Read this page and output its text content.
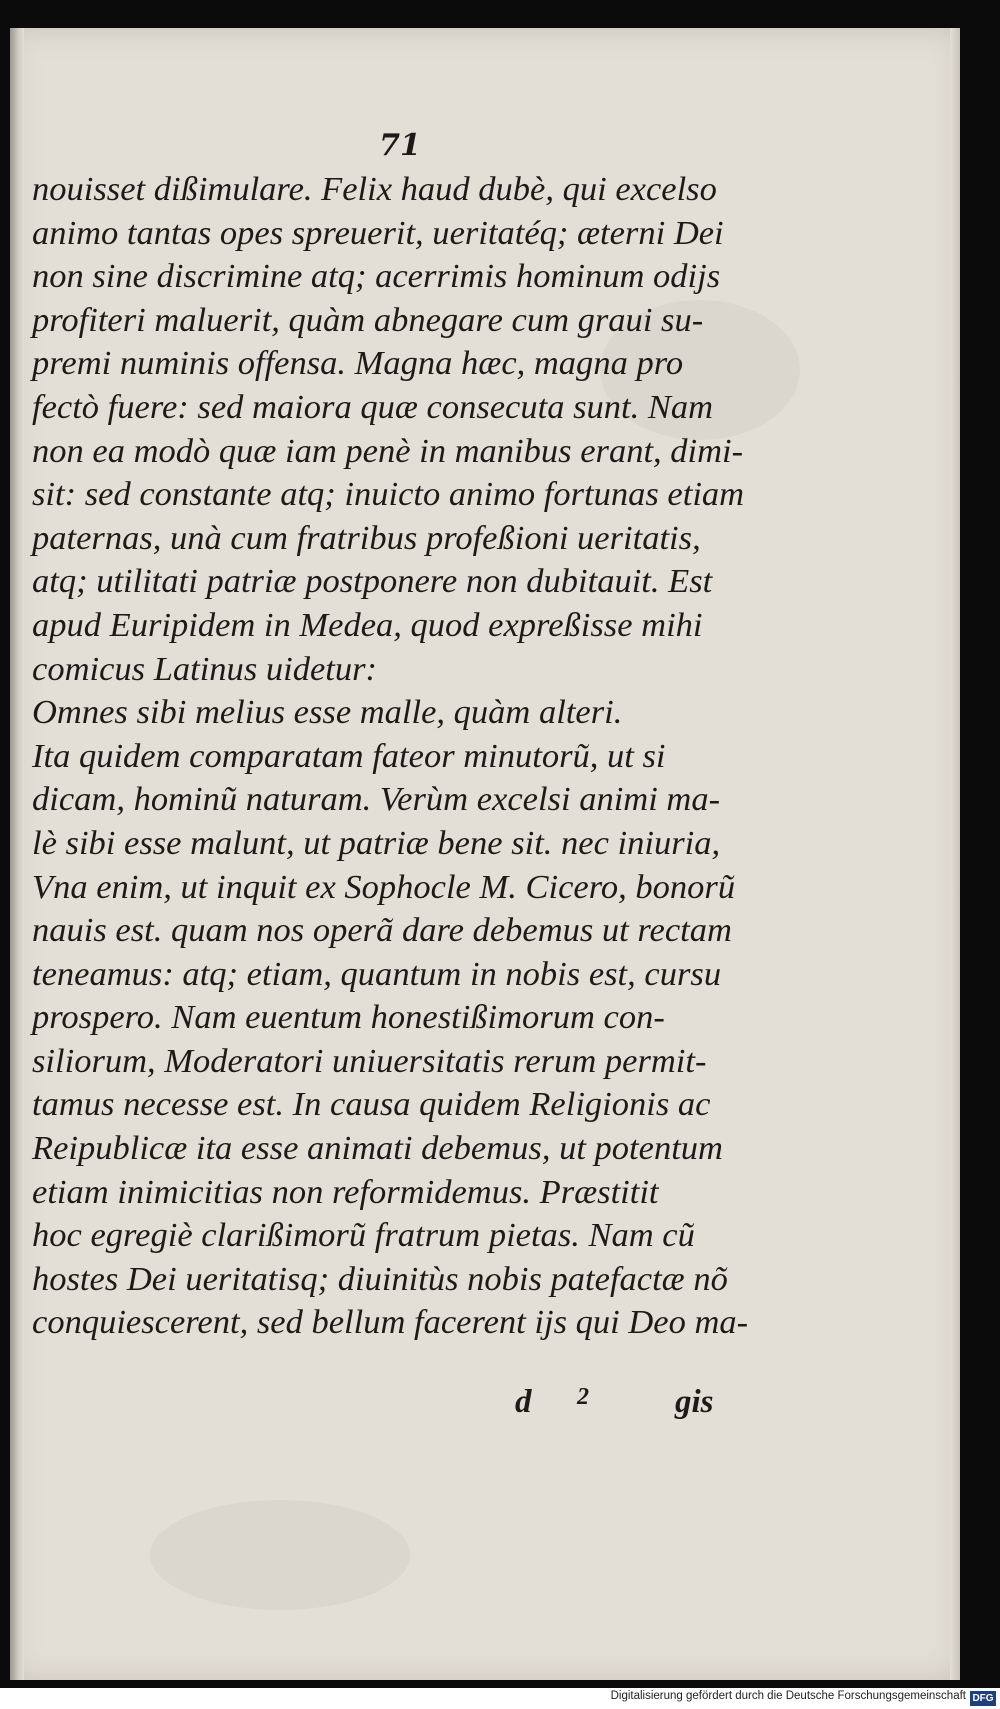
71
nouisset dißimulare. Felix haud dubè, qui excelso
animo tantas opes spreuerit, ueritatéq; æterni Dei
non sine discrimine atq; acerrimis hominum odijs
profiteri maluerit, quàm abnegare cum graui su-
premi numinis offensa. Magna hæc, magna pro
fectò fuere: sed maiora quæ consecuta sunt. Nam
non ea modò quæ iam penè in manibus erant, dimi-
sit: sed constante atq; inuicto animo fortunas etiam
paternas, unà cum fratribus profeßioni ueritatis,
atq; utilitati patriæ postponere non dubitauit. Est
apud Euripidem in Medea, quod expreßisse mihi
comicus Latinus uidetur:
Omnes sibi melius esse malle, quàm alteri.
Ita quidem comparatam fateor minutorũ, ut si
dicam, hominũ naturam. Verùm excelsi animi ma-
lè sibi esse malunt, ut patriæ bene sit. nec iniuria,
Vna enim, ut inquit ex Sophocle M. Cicero, bonorũ
nauis est. quam nos operã dare debemus ut rectam
teneamus: atq; etiam, quantum in nobis est, cursu
prospero. Nam euentum honestißimorum con-
siliorum, Moderatori uniuersitatis rerum permit-
tamus necesse est. In causa quidem Religionis ac
Reipublicæ ita esse animati debemus, ut potentum
etiam inimicitias non reformidemus. Præstitit
hoc egregiè clarißimorũ fratrum pietas. Nam cũ
hostes Dei ueritatisq; diuinitùs nobis patefactæ nõ
conquiescerent, sed bellum facerent ijs qui Deo ma-
d 2	gis
Digitalisierung gefördert durch die Deutsche Forschungsgemeinschaft DFG
